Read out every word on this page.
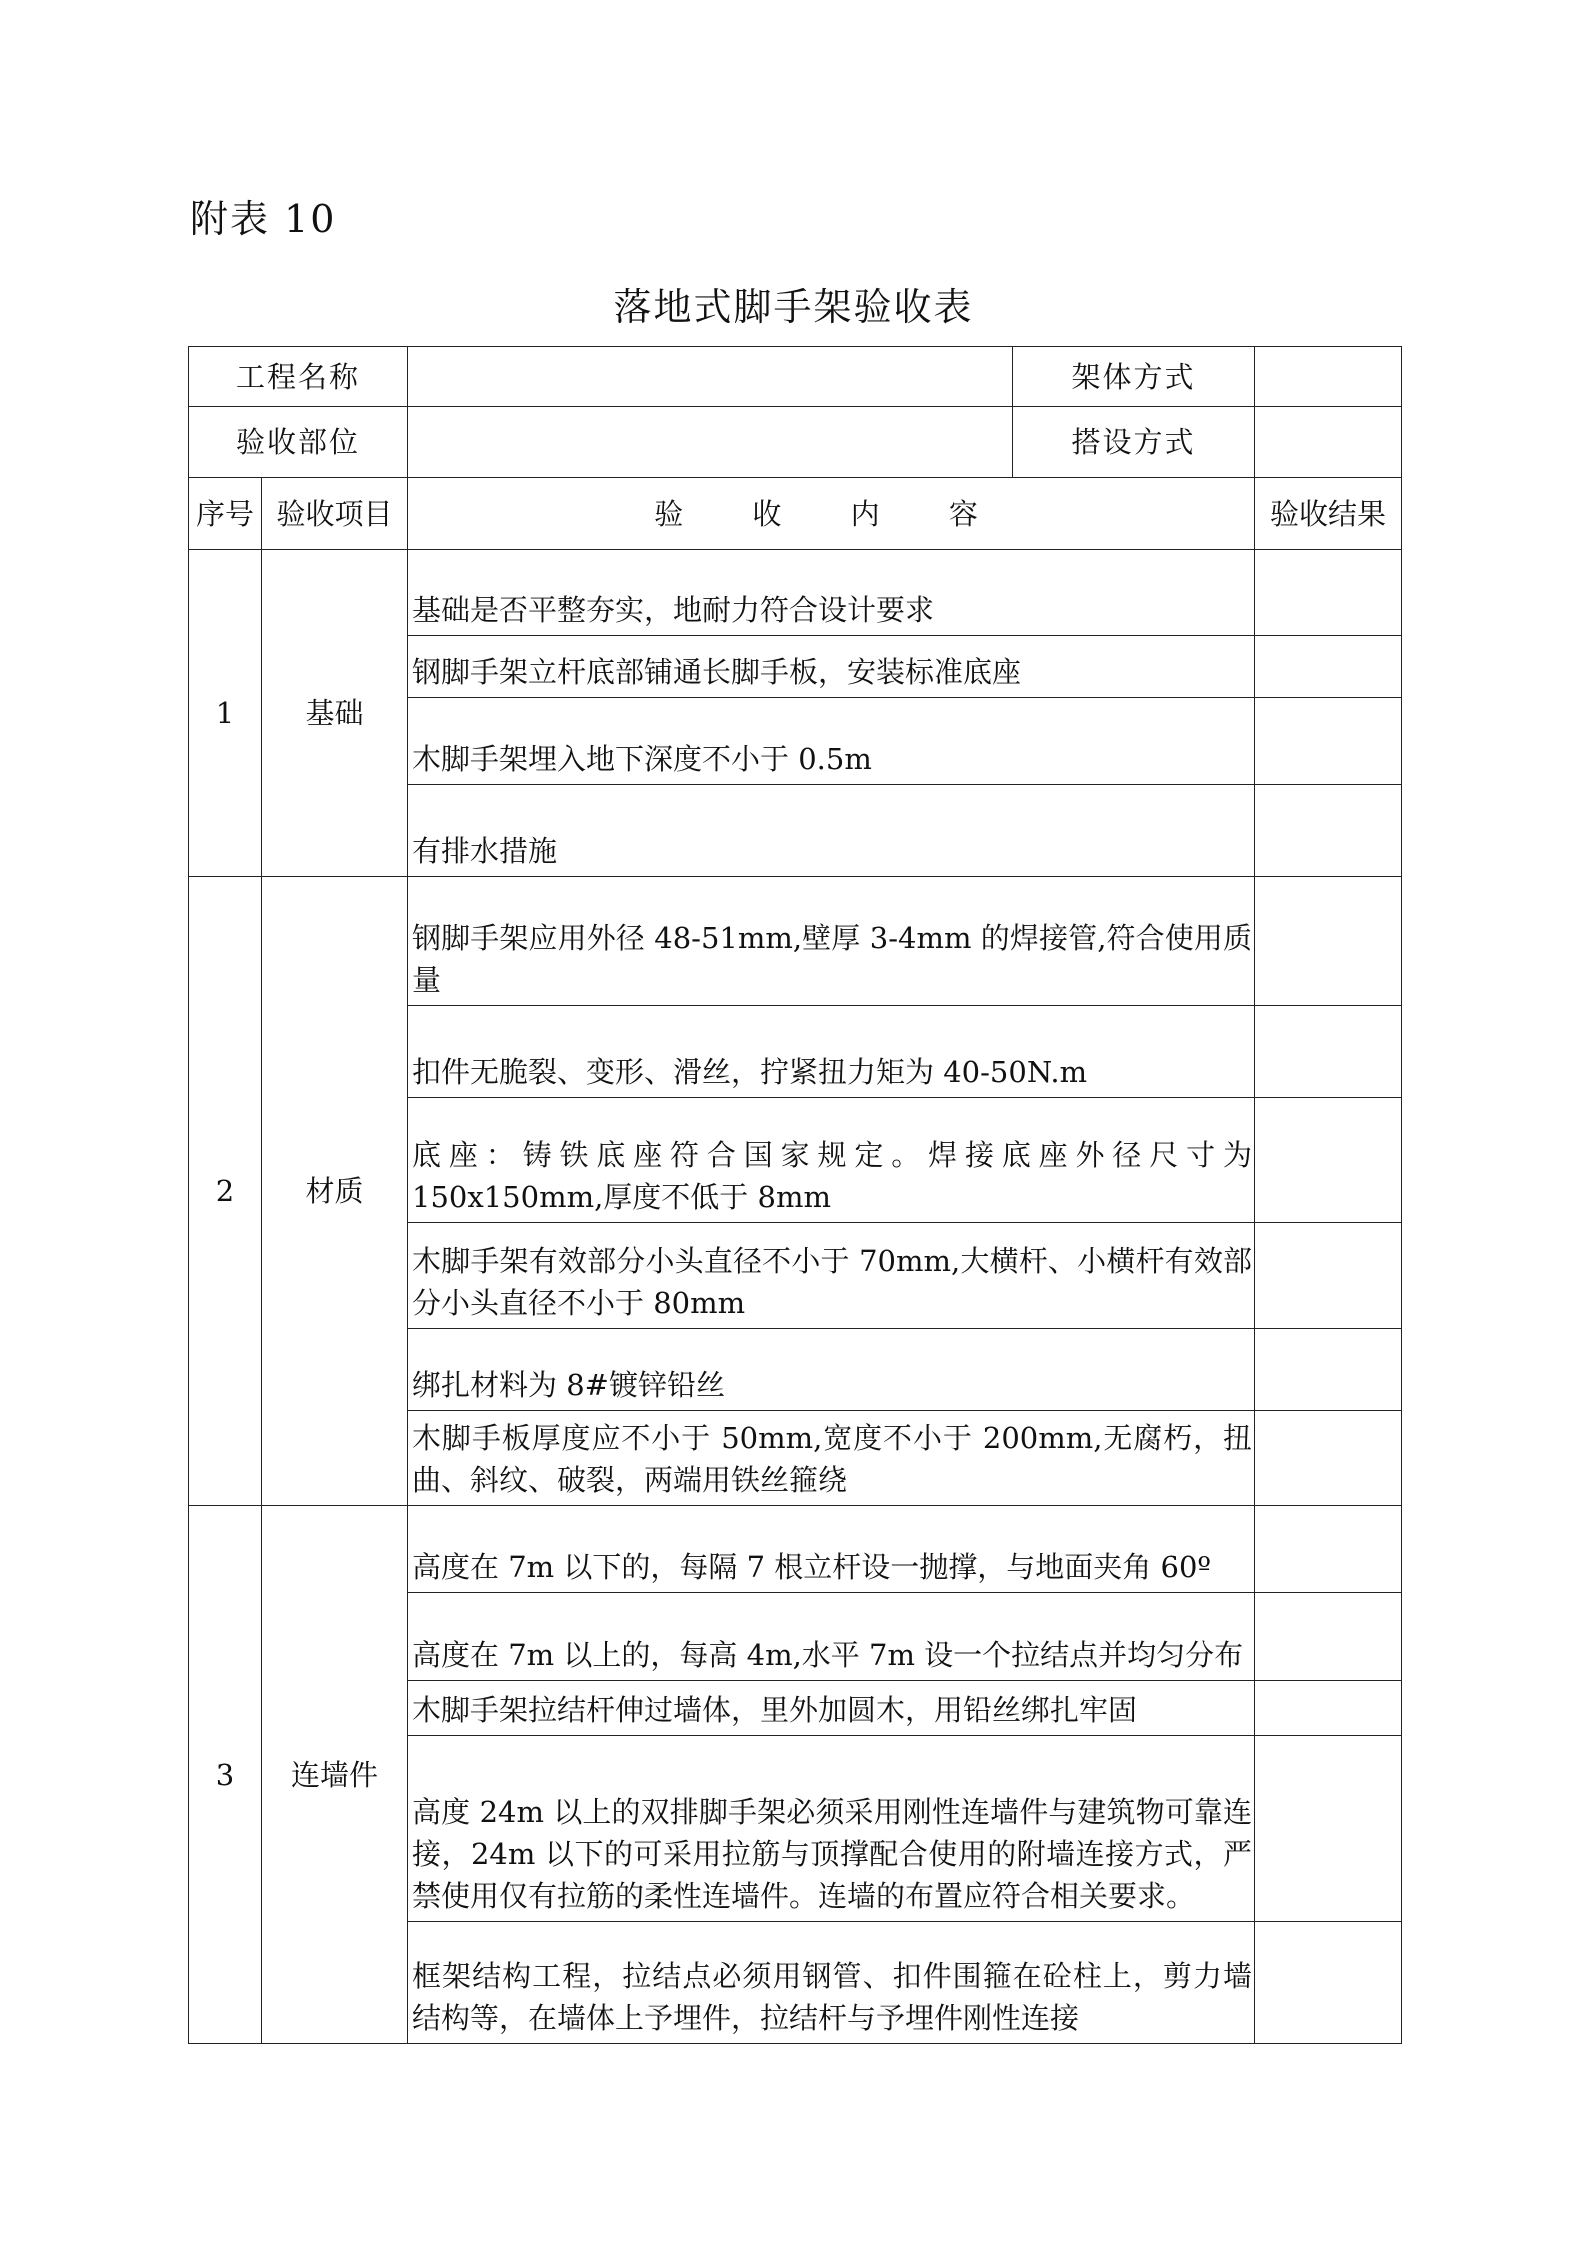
附表 10
落地式脚手架验收表
工程名称			架体方式	
验收部位			搭设方式	
序号	验收项目	验 收 内 容		验收结果
1	基础	基础是否平整夯实，地耐力符合设计要求		
		钢脚手架立杆底部铺通长脚手板，安装标准底座		
		木脚手架埋入地下深度不小于 0.5m		
		有排水措施		
2	材质	钢脚手架应用外径 48-51mm,壁厚 3-4mm 的焊接管,符合使用质量		
		扣件无脆裂、变形、滑丝，拧紧扭力矩为 40-50N.m		
		底座：铸铁底座符合国家规定。焊接底座外径尺寸为 150x150mm,厚度不低于 8mm		
		木脚手架有效部分小头直径不小于 70mm,大横杆、小横杆有效部分小头直径不小于 80mm		
		绑扎材料为 8#镀锌铅丝		
		木脚手板厚度应不小于 50mm,宽度不小于 200mm,无腐朽，扭曲、斜纹、破裂，两端用铁丝箍绕		
3	连墙件	高度在 7m 以下的，每隔 7 根立杆设一抛撑，与地面夹角 60º		
		高度在 7m 以上的，每高 4m,水平 7m 设一个拉结点并均匀分布		
		木脚手架拉结杆伸过墙体，里外加圆木，用铅丝绑扎牢固		
		高度 24m 以上的双排脚手架必须采用刚性连墙件与建筑物可靠连接，24m 以下的可采用拉筋与顶撑配合使用的附墙连接方式，严禁使用仅有拉筋的柔性连墙件。连墙的布置应符合相关要求。		
		框架结构工程，拉结点必须用钢管、扣件围箍在砼柱上，剪力墙结构等，在墙体上予埋件，拉结杆与予埋件刚性连接		
